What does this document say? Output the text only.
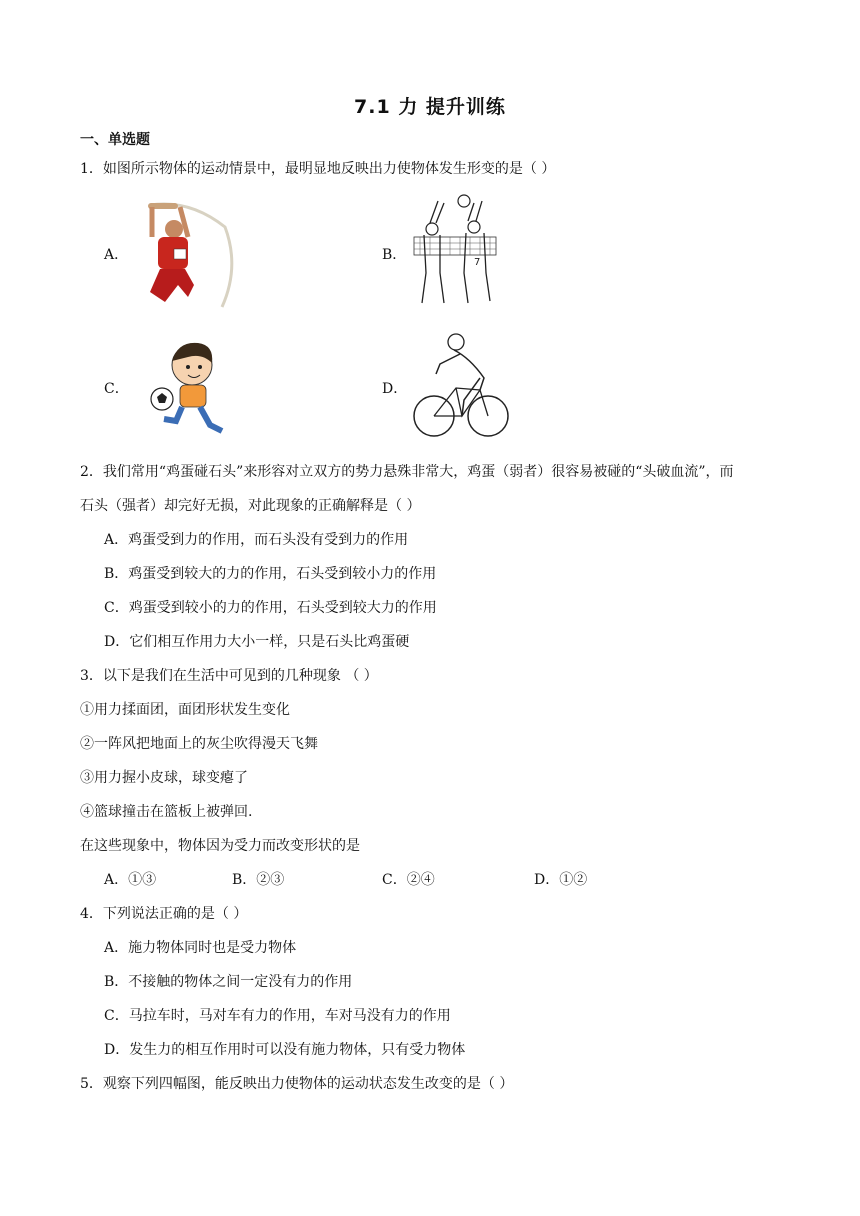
7.1 力 提升训练
一、单选题
1．如图所示物体的运动情景中，最明显地反映出力使物体发生形变的是（ ）
A．	B．	7
C．	D．
2．我们常用“鸡蛋碰石头”来形容对立双方的势力悬殊非常大，鸡蛋（弱者）很容易被碰的“头破血流”，而
石头（强者）却完好无损，对此现象的正确解释是（ ）
A．鸡蛋受到力的作用，而石头没有受到力的作用
B．鸡蛋受到较大的力的作用，石头受到较小力的作用
C．鸡蛋受到较小的力的作用，石头受到较大力的作用
D．它们相互作用力大小一样，只是石头比鸡蛋硬
3．以下是我们在生活中可见到的几种现象 （ ）
①用力揉面团，面团形状发生变化
②一阵风把地面上的灰尘吹得漫天飞舞
③用力握小皮球，球变瘪了
④篮球撞击在篮板上被弹回.
在这些现象中，物体因为受力而改变形状的是
A．①③	B．②③	C．②④	D．①②
4．下列说法正确的是（ ）
A．施力物体同时也是受力物体
B．不接触的物体之间一定没有力的作用
C．马拉车时，马对车有力的作用，车对马没有力的作用
D．发生力的相互作用时可以没有施力物体，只有受力物体
5．观察下列四幅图，能反映出力使物体的运动状态发生改变的是（ ）
